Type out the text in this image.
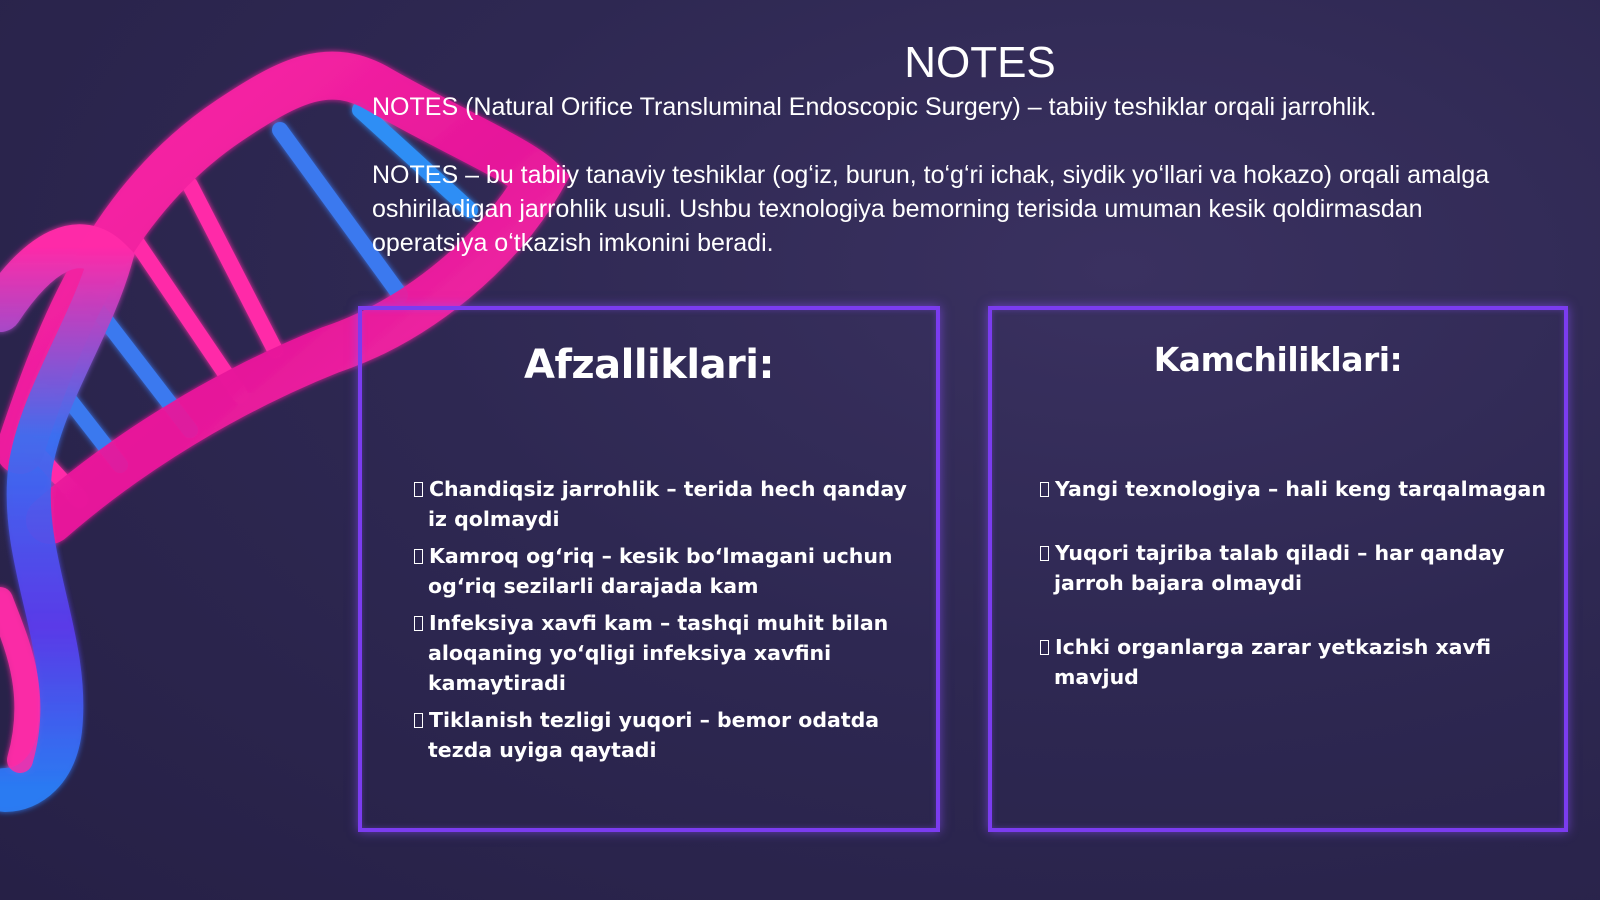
NOTES

NOTES (Natural Orifice Transluminal Endoscopic Surgery) – tabiiy teshiklar orqali jarrohlik.

NOTES – bu tabiiy tanaviy teshiklar (ogʻiz, burun, toʻgʻri ichak, siydik yoʻllari va hokazo) orqali amalga oshiriladigan jarrohlik usuli. Ushbu texnologiya bemorning terisida umuman kesik qoldirmasdan operatsiya oʻtkazish imkonini beradi.

Afzalliklari:
Chandiqsiz jarrohlik – terida hech qanday iz qolmaydi
Kamroq ogʻriq – kesik boʻlmagani uchun ogʻriq sezilarli darajada kam
Infeksiya xavfi kam – tashqi muhit bilan aloqaning yoʻqligi infeksiya xavfini kamaytiradi
Tiklanish tezligi yuqori – bemor odatda tezda uyiga qaytadi
Kamchiliklari:
Yangi texnologiya – hali keng tarqalmagan
Yuqori tajriba talab qiladi – har qanday jarroh bajara olmaydi
Ichki organlarga zarar yetkazish xavfi mavjud
